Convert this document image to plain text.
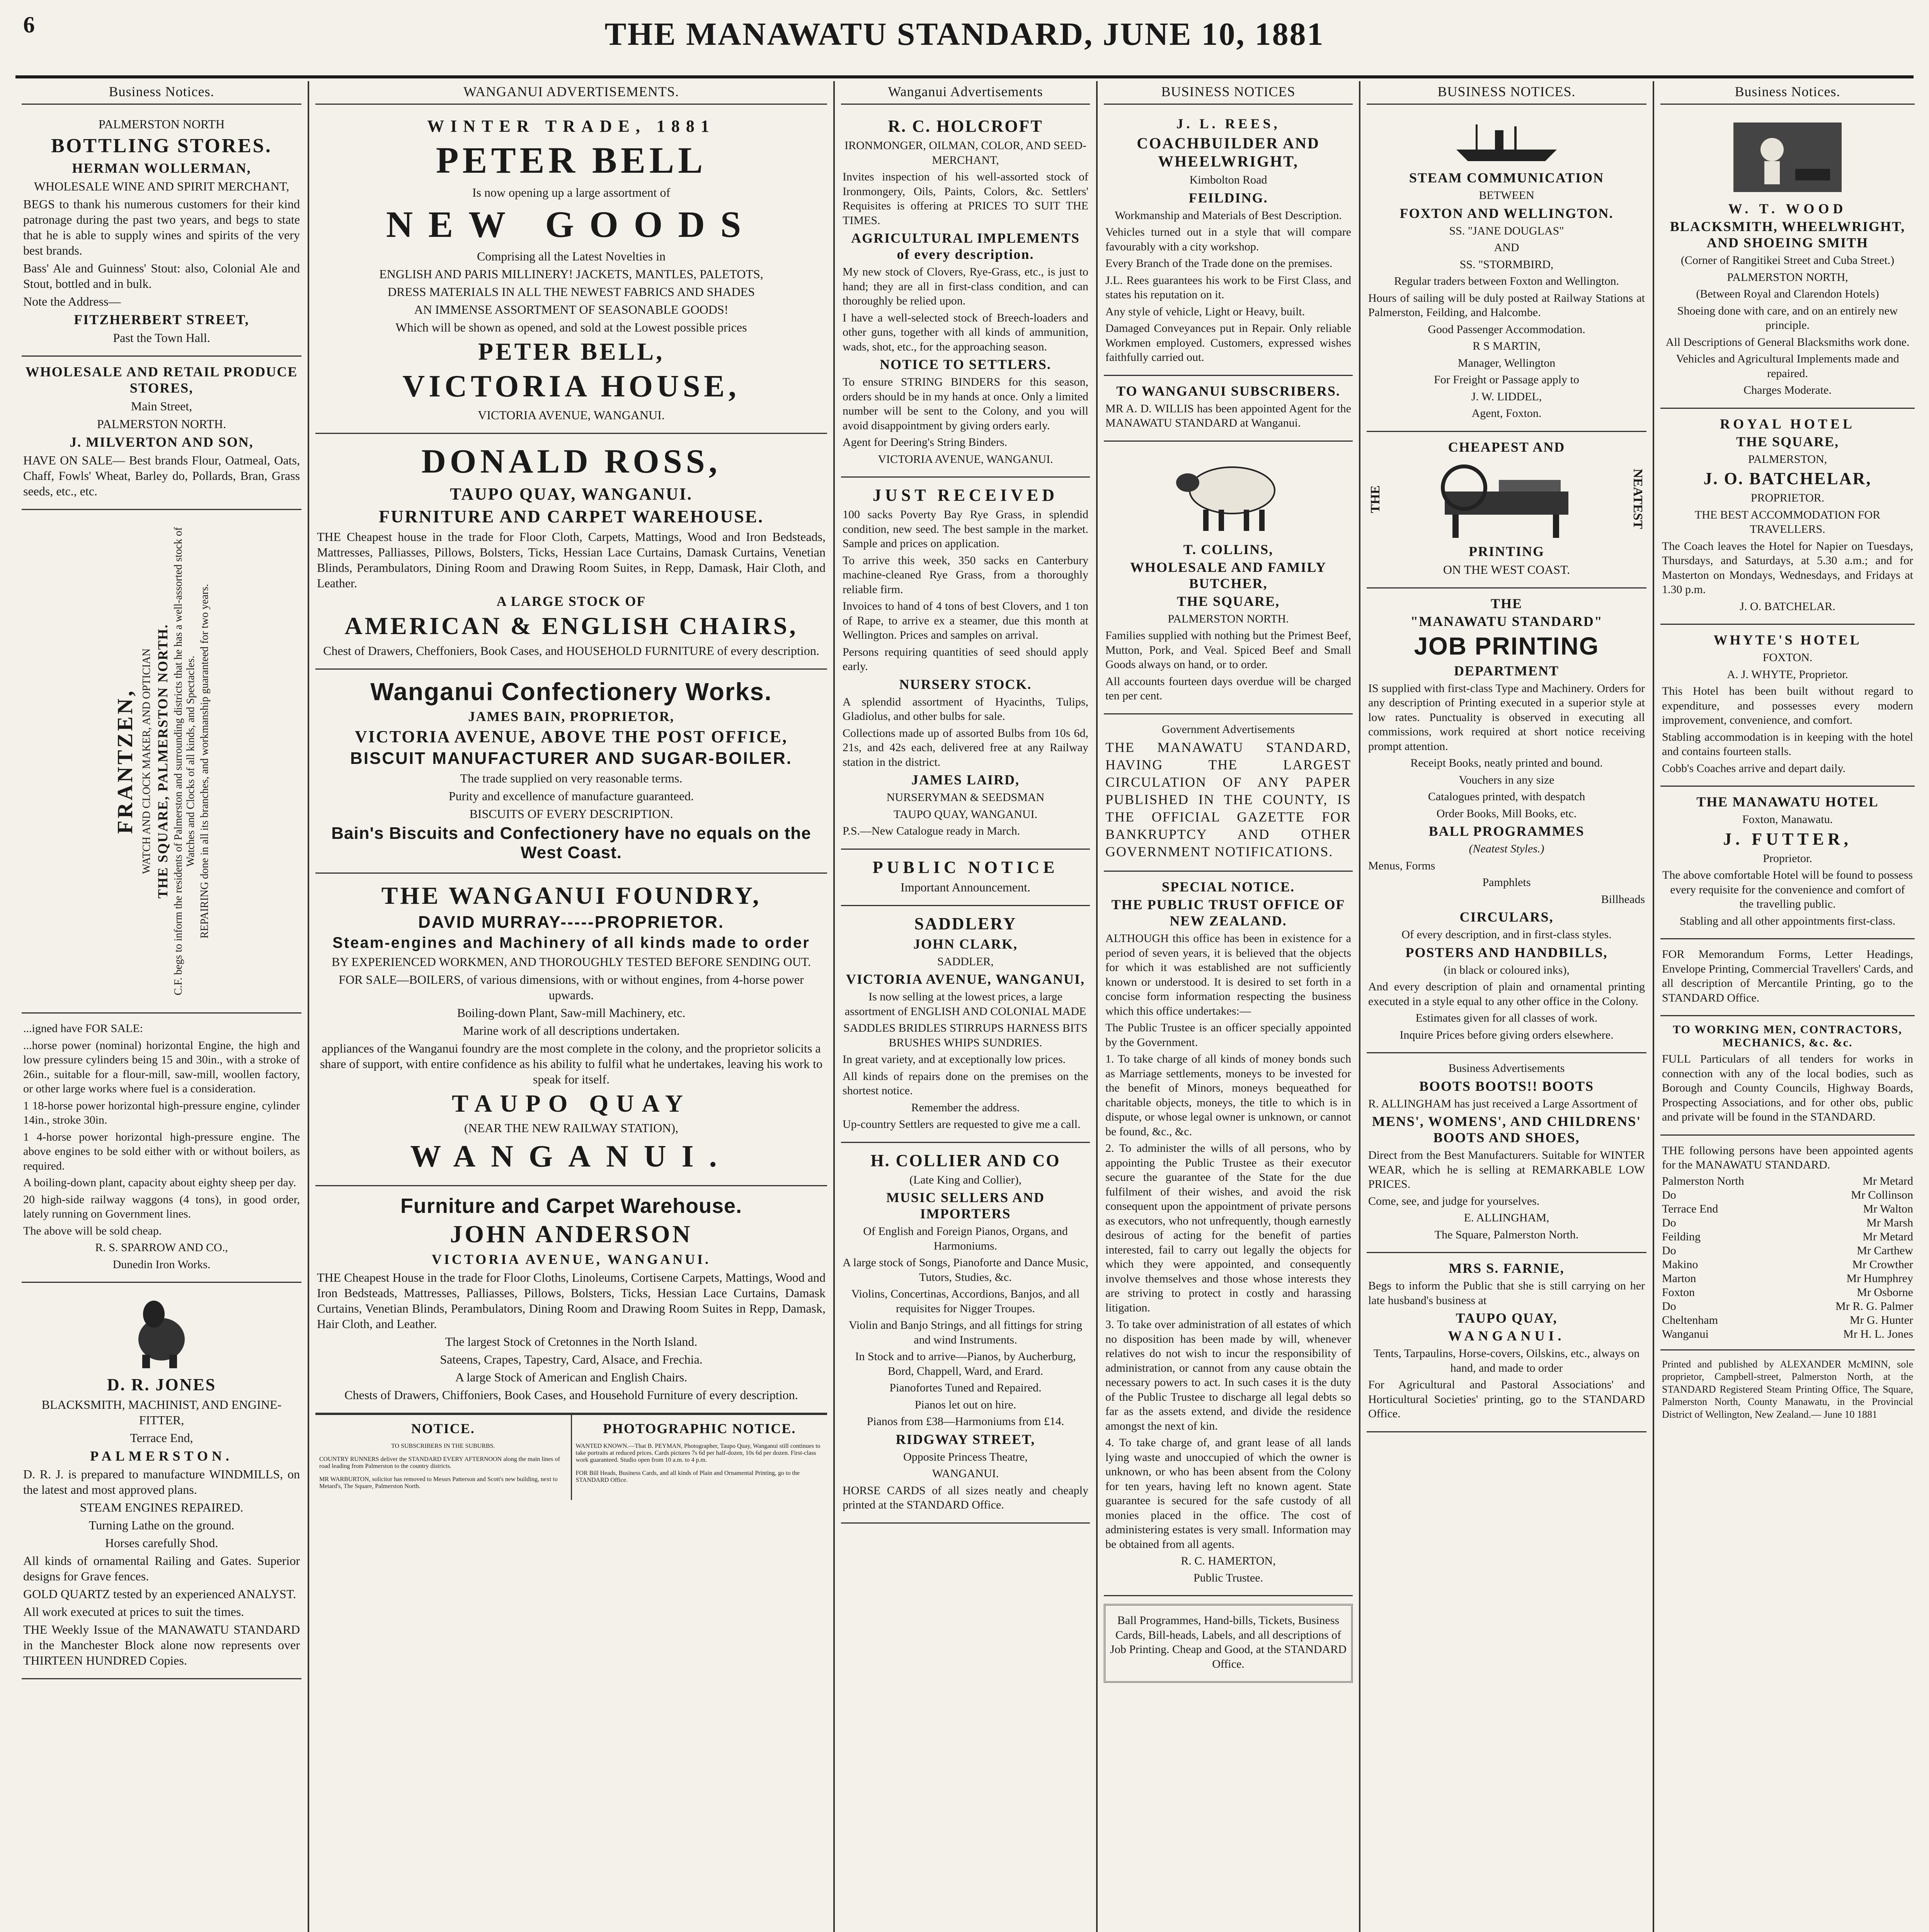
6	THE MANAWATU STANDARD, JUNE 10, 1881
Business Notices.

PALMERSTON NORTH

BOTTLING STORES.
HERMAN WOLLERMAN,

WHOLESALE WINE AND SPIRIT MERCHANT,

BEGS to thank his numerous customers for their kind patronage during the past two years, and begs to state that he is able to supply wines and spirits of the very best brands.

Bass' Ale and Guinness' Stout: also, Colonial Ale and Stout, bottled and in bulk.

Note the Address—

FITZHERBERT STREET,

Past the Town Hall.

WHOLESALE AND RETAIL PRODUCE STORES,

Main Street,

PALMERSTON NORTH.

J. MILVERTON AND SON,

HAVE ON SALE— Best brands Flour, Oatmeal, Oats, Chaff, Fowls' Wheat, Barley do, Pollards, Bran, Grass seeds, etc., etc.

FRANTZEN, WATCH AND CLOCK MAKER, AND OPTICIAN THE SQUARE, PALMERSTON NORTH. C.F. begs to inform the residents of Palmerston and surrounding districts that he has a well-assorted stock of Watches and Clocks of all kinds, and Spectacles. REPAIRING done in all its branches, and workmanship guaranteed for two years.

...igned have FOR SALE:

...horse power (nominal) horizontal Engine, the high and low pressure cylinders being 15 and 30in., with a stroke of 26in., suitable for a flour-mill, saw-mill, woollen factory, or other large works where fuel is a consideration.

1 18-horse power horizontal high-pressure engine, cylinder 14in., stroke 30in.

1 4-horse power horizontal high-pressure engine. The above engines to be sold either with or without boilers, as required.

A boiling-down plant, capacity about eighty sheep per day.

20 high-side railway waggons (4 tons), in good order, lately running on Government lines.

The above will be sold cheap.

R. S. SPARROW AND CO.,

Dunedin Iron Works.

D. R. JONES

BLACKSMITH, MACHINIST, AND ENGINE-FITTER,

Terrace End,

PALMERSTON.

D. R. J. is prepared to manufacture WINDMILLS, on the latest and most approved plans.

STEAM ENGINES REPAIRED.

Turning Lathe on the ground.

Horses carefully Shod.

All kinds of ornamental Railing and Gates. Superior designs for Grave fences.

GOLD QUARTZ tested by an experienced ANALYST.

All work executed at prices to suit the times.

THE Weekly Issue of the MANAWATU STANDARD in the Manchester Block alone now represents over THIRTEEN HUNDRED Copies.

WANGANUI ADVERTISEMENTS.
WINTER TRADE, 1881
PETER BELL

Is now opening up a large assortment of

NEW GOODS

Comprising all the Latest Novelties in

ENGLISH AND PARIS MILLINERY! JACKETS, MANTLES, PALETOTS,

DRESS MATERIALS IN ALL THE NEWEST FABRICS AND SHADES

AN IMMENSE ASSORTMENT OF SEASONABLE GOODS!

Which will be shown as opened, and sold at the Lowest possible prices

PETER BELL,
VICTORIA HOUSE,

VICTORIA AVENUE, WANGANUI.

DONALD ROSS,
TAUPO QUAY, WANGANUI.
FURNITURE AND CARPET WAREHOUSE.

THE Cheapest house in the trade for Floor Cloth, Carpets, Mattings, Wood and Iron Bedsteads, Mattresses, Palliasses, Pillows, Bolsters, Ticks, Hessian Lace Curtains, Damask Curtains, Venetian Blinds, Perambulators, Dining Room and Drawing Room Suites, in Repp, Damask, Hair Cloth, and Leather.

A LARGE STOCK OF
AMERICAN & ENGLISH CHAIRS,

Chest of Drawers, Cheffoniers, Book Cases, and HOUSEHOLD FURNITURE of every description.

Wanganui Confectionery Works.
JAMES BAIN, PROPRIETOR,
VICTORIA AVENUE, ABOVE THE POST OFFICE,
BISCUIT MANUFACTURER AND SUGAR-BOILER.

The trade supplied on very reasonable terms.

Purity and excellence of manufacture guaranteed.

BISCUITS OF EVERY DESCRIPTION.

Bain's Biscuits and Confectionery have no equals on the West Coast.
THE WANGANUI FOUNDRY,
DAVID MURRAY-----PROPRIETOR.
Steam-engines and Machinery of all kinds made to order

BY EXPERIENCED WORKMEN, AND THOROUGHLY TESTED BEFORE SENDING OUT.

FOR SALE—BOILERS, of various dimensions, with or without engines, from 4-horse power upwards.

Boiling-down Plant, Saw-mill Machinery, etc.

Marine work of all descriptions undertaken.

appliances of the Wanganui foundry are the most complete in the colony, and the proprietor solicits a share of support, with entire confidence as his ability to fulfil what he undertakes, leaving his work to speak for itself.

TAUPO QUAY

(NEAR THE NEW RAILWAY STATION),

WANGANUI.
Furniture and Carpet Warehouse.
JOHN ANDERSON
VICTORIA AVENUE, WANGANUI.

THE Cheapest House in the trade for Floor Cloths, Linoleums, Cortisene Carpets, Mattings, Wood and Iron Bedsteads, Mattresses, Palliasses, Pillows, Bolsters, Ticks, Hessian Lace Curtains, Damask Curtains, Venetian Blinds, Perambulators, Dining Room and Drawing Room Suites in Repp, Damask, Hair Cloth, and Leather.

The largest Stock of Cretonnes in the North Island.

Sateens, Crapes, Tapestry, Card, Alsace, and Frechia.

A large Stock of American and English Chairs.

Chests of Drawers, Chiffoniers, Book Cases, and Household Furniture of every description.

NOTICE.

TO SUBSCRIBERS IN THE SUBURBS.

COUNTRY RUNNERS deliver the STANDARD EVERY AFTERNOON along the main lines of road leading from Palmerston to the country districts.

MR WARBURTON, solicitor has removed to Messrs Patterson and Scott's new building, next to Metard's, The Square, Palmerston North.

PHOTOGRAPHIC NOTICE.

WANTED KNOWN.—That B. PEYMAN, Photographer, Taupo Quay, Wanganui still continues to take portraits at reduced prices. Cards pictures 7s 6d per half-dozen, 10s 6d per dozen. First-class work guaranteed. Studio open from 10 a.m. to 4 p.m.

FOR Bill Heads, Business Cards, and all kinds of Plain and Ornamental Printing, go to the STANDARD Office.

Wanganui Advertisements
R. C. HOLCROFT

IRONMONGER, OILMAN, COLOR, AND SEED-MERCHANT,

Invites inspection of his well-assorted stock of Ironmongery, Oils, Paints, Colors, &c. Settlers' Requisites is offering at PRICES TO SUIT THE TIMES.

AGRICULTURAL IMPLEMENTS of every description.

My new stock of Clovers, Rye-Grass, etc., is just to hand; they are all in first-class condition, and can thoroughly be relied upon.

I have a well-selected stock of Breech-loaders and other guns, together with all kinds of ammunition, wads, shot, etc., for the approaching season.

NOTICE TO SETTLERS.

To ensure STRING BINDERS for this season, orders should be in my hands at once. Only a limited number will be sent to the Colony, and you will avoid disappointment by giving orders early.

Agent for Deering's String Binders.

VICTORIA AVENUE, WANGANUI.

JUST RECEIVED

100 sacks Poverty Bay Rye Grass, in splendid condition, new seed. The best sample in the market. Sample and prices on application.

To arrive this week, 350 sacks en Canterbury machine-cleaned Rye Grass, from a thoroughly reliable firm.

Invoices to hand of 4 tons of best Clovers, and 1 ton of Rape, to arrive ex a steamer, due this month at Wellington. Prices and samples on arrival.

Persons requiring quantities of seed should apply early.

NURSERY STOCK.

A splendid assortment of Hyacinths, Tulips, Gladiolus, and other bulbs for sale.

Collections made up of assorted Bulbs from 10s 6d, 21s, and 42s each, delivered free at any Railway station in the district.

JAMES LAIRD,

NURSERYMAN & SEEDSMAN

TAUPO QUAY, WANGANUI.

P.S.—New Catalogue ready in March.

PUBLIC NOTICE

Important Announcement.

SADDLERY
JOHN CLARK,

SADDLER,

VICTORIA AVENUE, WANGANUI,

Is now selling at the lowest prices, a large assortment of ENGLISH AND COLONIAL MADE

SADDLES BRIDLES STIRRUPS HARNESS BITS BRUSHES WHIPS SUNDRIES.

In great variety, and at exceptionally low prices.

All kinds of repairs done on the premises on the shortest notice.

Remember the address.

Up-country Settlers are requested to give me a call.

H. COLLIER AND CO

(Late King and Collier),

MUSIC SELLERS AND IMPORTERS

Of English and Foreign Pianos, Organs, and Harmoniums.

A large stock of Songs, Pianoforte and Dance Music, Tutors, Studies, &c.

Violins, Concertinas, Accordions, Banjos, and all requisites for Nigger Troupes.

Violin and Banjo Strings, and all fittings for string and wind Instruments.

In Stock and to arrive—Pianos, by Aucherburg, Bord, Chappell, Ward, and Erard.

Pianofortes Tuned and Repaired.

Pianos let out on hire.

Pianos from £38—Harmoniums from £14.

RIDGWAY STREET,

Opposite Princess Theatre,

WANGANUI.

HORSE CARDS of all sizes neatly and cheaply printed at the STANDARD Office.

BUSINESS NOTICES
J. L. REES,
COACHBUILDER AND WHEELWRIGHT,

Kimbolton Road

FEILDING.

Workmanship and Materials of Best Description.

Vehicles turned out in a style that will compare favourably with a city workshop.

Every Branch of the Trade done on the premises.

J.L. Rees guarantees his work to be First Class, and states his reputation on it.

Any style of vehicle, Light or Heavy, built.

Damaged Conveyances put in Repair. Only reliable Workmen employed. Customers, expressed wishes faithfully carried out.

TO WANGANUI SUBSCRIBERS.

MR A. D. WILLIS has been appointed Agent for the MANAWATU STANDARD at Wanganui.

T. COLLINS,
WHOLESALE AND FAMILY BUTCHER,
THE SQUARE,

PALMERSTON NORTH.

Families supplied with nothing but the Primest Beef, Mutton, Pork, and Veal. Spiced Beef and Small Goods always on hand, or to order.

All accounts fourteen days overdue will be charged ten per cent.

Government Advertisements

THE MANAWATU STANDARD, HAVING THE LARGEST CIRCULATION OF ANY PAPER PUBLISHED IN THE COUNTY, IS THE OFFICIAL GAZETTE FOR BANKRUPTCY AND OTHER GOVERNMENT NOTIFICATIONS.

SPECIAL NOTICE.
THE PUBLIC TRUST OFFICE OF NEW ZEALAND.

ALTHOUGH this office has been in existence for a period of seven years, it is believed that the objects for which it was established are not sufficiently known or understood. It is desired to set forth in a concise form information respecting the business which this office undertakes:—

The Public Trustee is an officer specially appointed by the Government.

1. To take charge of all kinds of money bonds such as Marriage settlements, moneys to be invested for the benefit of Minors, moneys bequeathed for charitable objects, moneys, the title to which is in dispute, or whose legal owner is unknown, or cannot be found, &c., &c.

2. To administer the wills of all persons, who by appointing the Public Trustee as their executor secure the guarantee of the State for the due fulfilment of their wishes, and avoid the risk consequent upon the appointment of private persons as executors, who not unfrequently, though earnestly desirous of acting for the benefit of parties interested, fail to carry out legally the objects for which they were appointed, and consequently involve themselves and those whose interests they are striving to protect in costly and harassing litigation.

3. To take over administration of all estates of which no disposition has been made by will, whenever relatives do not wish to incur the responsibility of administration, or cannot from any cause obtain the necessary powers to act. In such cases it is the duty of the Public Trustee to discharge all legal debts so far as the assets extend, and divide the residence amongst the next of kin.

4. To take charge of, and grant lease of all lands lying waste and unoccupied of which the owner is unknown, or who has been absent from the Colony for ten years, having left no known agent. State guarantee is secured for the safe custody of all monies placed in the office. The cost of administering estates is very small. Information may be obtained from all agents.

R. C. HAMERTON,

Public Trustee.

Ball Programmes, Hand-bills, Tickets, Business Cards, Bill-heads, Labels, and all descriptions of Job Printing. Cheap and Good, at the STANDARD Office.

BUSINESS NOTICES.
STEAM COMMUNICATION

BETWEEN

FOXTON AND WELLINGTON.

SS. "JANE DOUGLAS"

AND

SS. "STORMBIRD,

Regular traders between Foxton and Wellington.

Hours of sailing will be duly posted at Railway Stations at Palmerston, Feilding, and Halcombe.

Good Passenger Accommodation.

R S MARTIN,

Manager, Wellington

For Freight or Passage apply to

J. W. LIDDEL,

Agent, Foxton.

CHEAPEST AND
THE	NEATEST
PRINTING

ON THE WEST COAST.

THE
"MANAWATU STANDARD"
JOB PRINTING
DEPARTMENT

IS supplied with first-class Type and Machinery. Orders for any description of Printing executed in a superior style at low rates. Punctuality is observed in executing all commissions, work required at short notice receiving prompt attention.

Receipt Books, neatly printed and bound.

Vouchers in any size

Catalogues printed, with despatch

Order Books, Mill Books, etc.

BALL PROGRAMMES

(Neatest Styles.)

Menus, Forms

Pamphlets

Billheads

CIRCULARS,

Of every description, and in first-class styles.

POSTERS AND HANDBILLS,

(in black or coloured inks),

And every description of plain and ornamental printing executed in a style equal to any other office in the Colony.

Estimates given for all classes of work.

Inquire Prices before giving orders elsewhere.

Business Advertisements

BOOTS BOOTS!! BOOTS

R. ALLINGHAM has just received a Large Assortment of

MENS', WOMENS', AND CHILDRENS' BOOTS AND SHOES,

Direct from the Best Manufacturers. Suitable for WINTER WEAR, which he is selling at REMARKABLE LOW PRICES.

Come, see, and judge for yourselves.

E. ALLINGHAM,

The Square, Palmerston North.

MRS S. FARNIE,

Begs to inform the Public that she is still carrying on her late husband's business at

TAUPO QUAY,
WANGANUI.

Tents, Tarpaulins, Horse-covers, Oilskins, etc., always on hand, and made to order

For Agricultural and Pastoral Associations' and Horticultural Societies' printing, go to the STANDARD Office.

Business Notices.
W. T. WOOD
BLACKSMITH, WHEELWRIGHT, AND SHOEING SMITH

(Corner of Rangitikei Street and Cuba Street.)

PALMERSTON NORTH,

(Between Royal and Clarendon Hotels)

Shoeing done with care, and on an entirely new principle.

All Descriptions of General Blacksmiths work done.

Vehicles and Agricultural Implements made and repaired.

Charges Moderate.

ROYAL HOTEL
THE SQUARE,

PALMERSTON,

J. O. BATCHELAR,

PROPRIETOR.

THE BEST ACCOMMODATION FOR TRAVELLERS.

The Coach leaves the Hotel for Napier on Tuesdays, Thursdays, and Saturdays, at 5.30 a.m.; and for Masterton on Mondays, Wednesdays, and Fridays at 1.30 p.m.

J. O. BATCHELAR.

WHYTE'S HOTEL

FOXTON.

A. J. WHYTE, Proprietor.

This Hotel has been built without regard to expenditure, and possesses every modern improvement, convenience, and comfort.

Stabling accommodation is in keeping with the hotel and contains fourteen stalls.

Cobb's Coaches arrive and depart daily.

THE MANAWATU HOTEL

Foxton, Manawatu.

J. FUTTER,

Proprietor.

The above comfortable Hotel will be found to possess every requisite for the convenience and comfort of the travelling public.

Stabling and all other appointments first-class.

FOR Memorandum Forms, Letter Headings, Envelope Printing, Commercial Travellers' Cards, and all description of Mercantile Printing, go to the STANDARD Office.

TO WORKING MEN, CONTRACTORS, MECHANICS, &c. &c.

FULL Particulars of all tenders for works in connection with any of the local bodies, such as Borough and County Councils, Highway Boards, Prospecting Associations, and for other obs, public and private will be found in the STANDARD.

THE following persons have been appointed agents for the MANAWATU STANDARD.

Palmerston North	Mr Metard
Do	Mr Collinson
Terrace End	Mr Walton
Do	Mr Marsh
Feilding	Mr Metard
Do	Mr Carthew
Makino	Mr Crowther
Marton	Mr Humphrey
Foxton	Mr Osborne
Do	Mr R. G. Palmer
Cheltenham	Mr G. Hunter
Wanganui	Mr H. L. Jones

Printed and published by ALEXANDER McMINN, sole proprietor, Campbell-street, Palmerston North, at the STANDARD Registered Steam Printing Office, The Square, Palmerston North, County Manawatu, in the Provincial District of Wellington, New Zealand.— June 10 1881
